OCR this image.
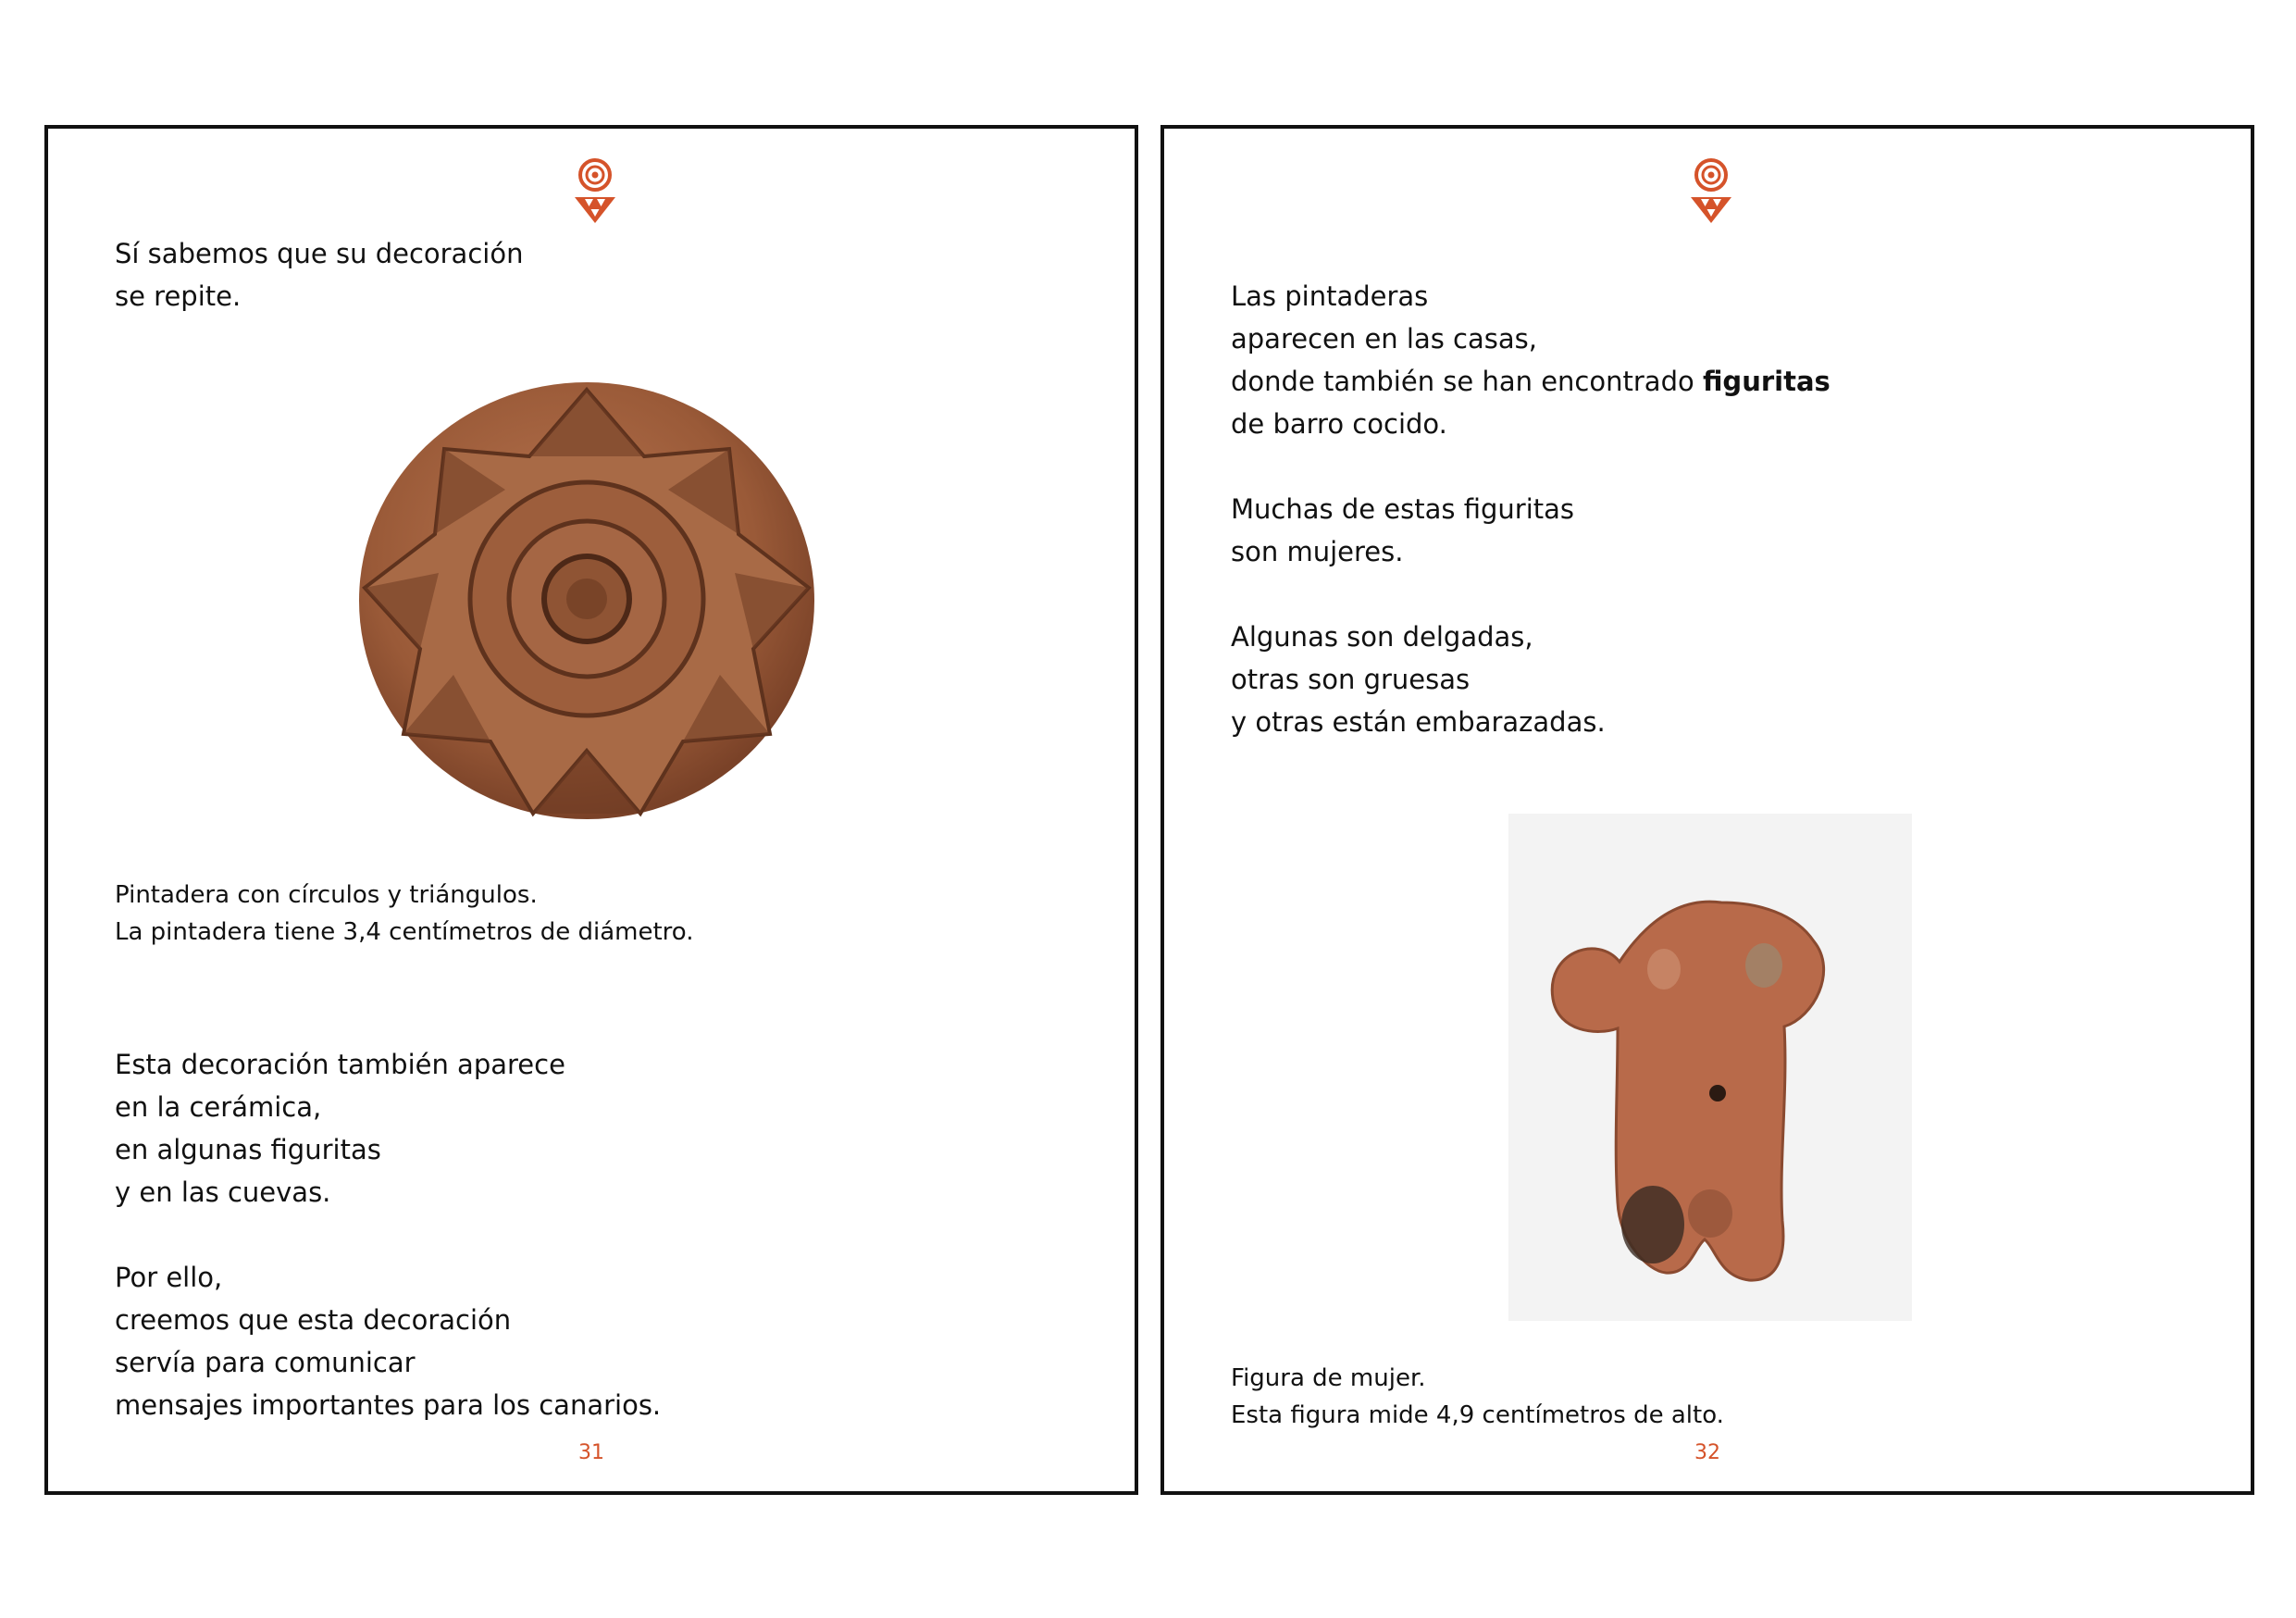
Sí sabemos que su decoración
se repite.

Pintadera con círculos y triángulos.
La pintadera tiene 3,4 centímetros de diámetro.

Esta decoración también aparece
en la cerámica,
en algunas figuritas
y en las cuevas.

Por ello,
creemos que esta decoración
servía para comunicar
mensajes importantes para los canarios.

31

Las pintaderas
aparecen en las casas,
donde también se han encontrado figuritas
de barro cocido.

Muchas de estas figuritas
son mujeres.

Algunas son delgadas,
otras son gruesas
y otras están embarazadas.

Figura de mujer.
Esta figura mide 4,9 centímetros de alto.

32
